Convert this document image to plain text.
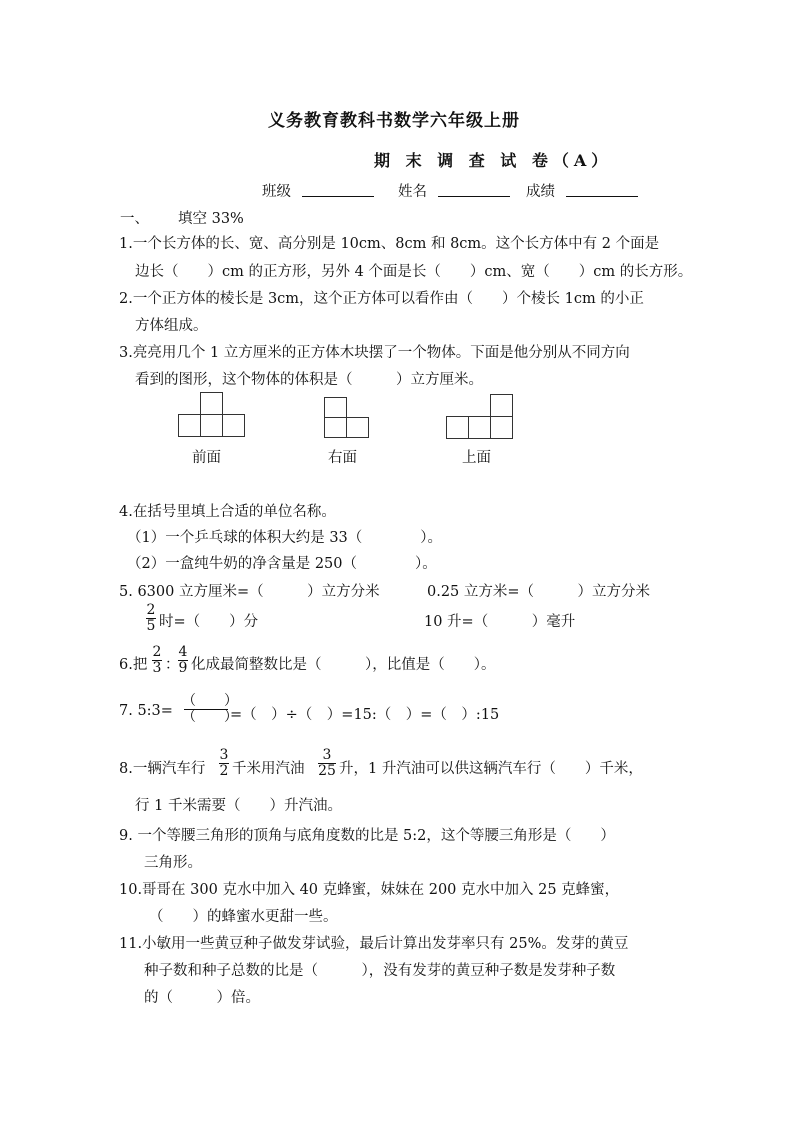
义务教育教科书数学六年级上册
期 末 调 查 试 卷（A）
班级	姓名	成绩
一、 填空 33%
1.一个长方体的长、宽、高分别是 10cm、8cm 和 8cm。这个长方体中有 2 个面是
边长（　　）cm 的正方形，另外 4 个面是长（　　）cm、宽（　　）cm 的长方形。
2.一个正方体的棱长是 3cm，这个正方体可以看作由（　　）个棱长 1cm 的小正
方体组成。
3.亮亮用几个 1 立方厘米的正方体木块摆了一个物体。下面是他分别从不同方向
看到的图形，这个物体的体积是（　　　）立方厘米。
前面	右面	上面
4.在括号里填上合适的单位名称。
（1）一个乒乓球的体积大约是 33（　　　　）。
（2）一盒纯牛奶的净含量是 250（　　　　）。
5. 6300 立方厘米=（　　　）立方分米	0.25 立方米=（　　　）立方分米
2
5 时=（　　）分	10 升=（　　　）毫升
6.把
2
3 ：
4
9 化成最简整数比是（　　　），比值是（　　）。
7. 5:3=
（　　）
（　　）
=（　）÷（　）=15:（　）=（　）:15
8.一辆汽车行
3
2 千米用汽油
3
25 升，1 升汽油可以供这辆汽车行（　　）千米，
行 1 千米需要（　　）升汽油。
9. 一个等腰三角形的顶角与底角度数的比是 5:2，这个等腰三角形是（　　）
三角形。
10.哥哥在 300 克水中加入 40 克蜂蜜，妹妹在 200 克水中加入 25 克蜂蜜，
（　　）的蜂蜜水更甜一些。
11.小敏用一些黄豆种子做发芽试验，最后计算出发芽率只有 25%。发芽的黄豆
种子数和种子总数的比是（　　　），没有发芽的黄豆种子数是发芽种子数
的（　　　）倍。
